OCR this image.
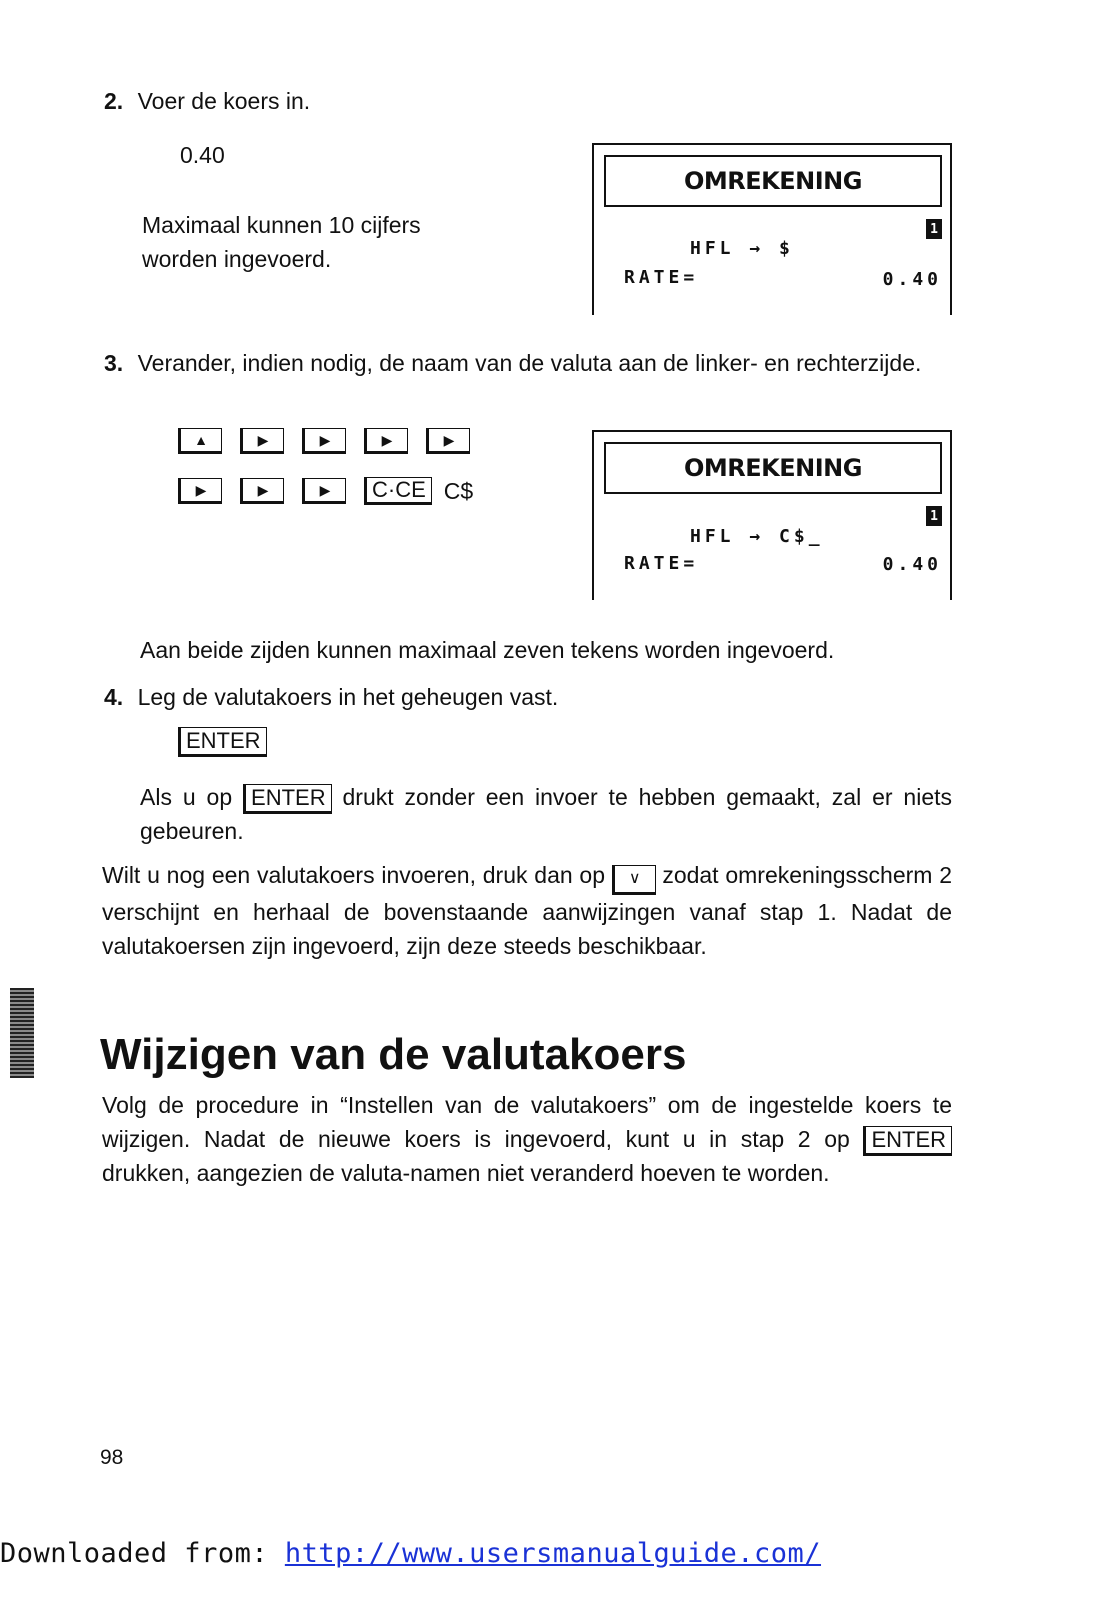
2. Voer de koers in.
0.40
Maximaal kunnen 10 cijfers worden ingevoerd.
OMREKENING
1
HFL → $
RATE=	0.40
3. Verander, indien nodig, de naam van de valuta aan de linker- en rechterzijde.
▲	▶	▶	▶	▶
▶	▶	▶	C·CE C$
OMREKENING
1
HFL → C$_
RATE=	0.40
Aan beide zijden kunnen maximaal zeven tekens worden ingevoerd.
4. Leg de valutakoers in het geheugen vast.
ENTER
Als u op ENTER drukt zonder een invoer te hebben gemaakt, zal er niets gebeuren.
Wilt u nog een valutakoers invoeren, druk dan op ∨ zodat omrekeningsscherm 2 verschijnt en herhaal de bovenstaande aanwijzingen vanaf stap 1. Nadat de valutakoersen zijn ingevoerd, zijn deze steeds beschikbaar.
Wijzigen van de valutakoers
Volg de procedure in “Instellen van de valutakoers” om de ingestelde koers te wijzigen. Nadat de nieuwe koers is ingevoerd, kunt u in stap 2 op ENTER drukken, aangezien de valuta-namen niet veranderd hoeven te worden.
98
Downloaded from: http://www.usersmanualguide.com/
